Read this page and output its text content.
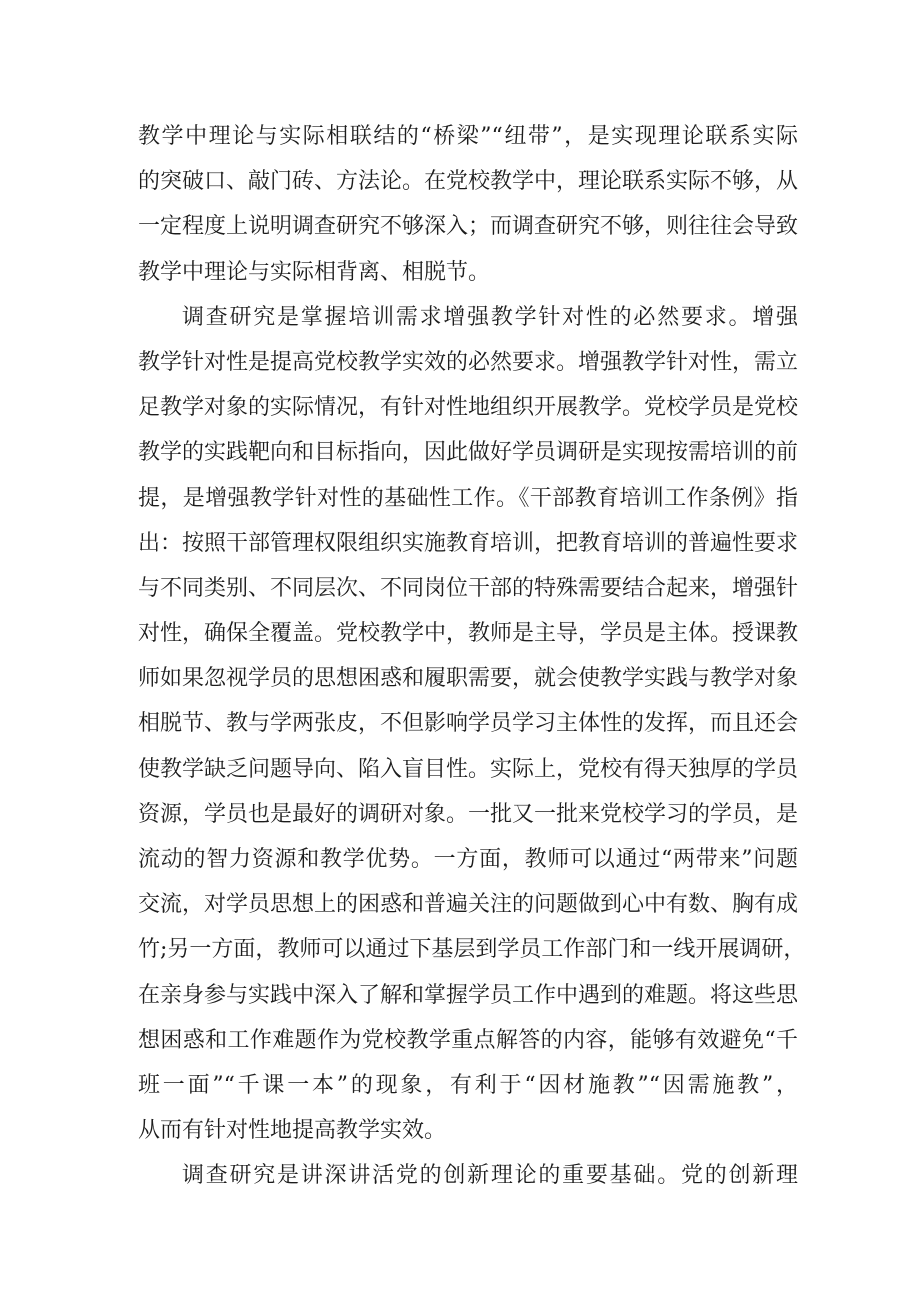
教学中理论与实际相联结的“桥梁”“纽带”，是实现理论联系实际
的突破口、敲门砖、方法论。在党校教学中，理论联系实际不够，从
一定程度上说明调查研究不够深入；而调查研究不够，则往往会导致
教学中理论与实际相背离、相脱节。
调查研究是掌握培训需求增强教学针对性的必然要求。增强
教学针对性是提高党校教学实效的必然要求。增强教学针对性，需立
足教学对象的实际情况，有针对性地组织开展教学。党校学员是党校
教学的实践靶向和目标指向，因此做好学员调研是实现按需培训的前
提，是增强教学针对性的基础性工作。《干部教育培训工作条例》指
出：按照干部管理权限组织实施教育培训，把教育培训的普遍性要求
与不同类别、不同层次、不同岗位干部的特殊需要结合起来，增强针
对性，确保全覆盖。党校教学中，教师是主导，学员是主体。授课教
师如果忽视学员的思想困惑和履职需要，就会使教学实践与教学对象
相脱节、教与学两张皮，不但影响学员学习主体性的发挥，而且还会
使教学缺乏问题导向、陷入盲目性。实际上，党校有得天独厚的学员
资源，学员也是最好的调研对象。一批又一批来党校学习的学员，是
流动的智力资源和教学优势。一方面，教师可以通过“两带来”问题
交流，对学员思想上的困惑和普遍关注的问题做到心中有数、胸有成
竹;另一方面，教师可以通过下基层到学员工作部门和一线开展调研，
在亲身参与实践中深入了解和掌握学员工作中遇到的难题。将这些思
想困惑和工作难题作为党校教学重点解答的内容，能够有效避免“千
班一面”“千课一本”的现象，有利于“因材施教”“因需施教”，
从而有针对性地提高教学实效。
调查研究是讲深讲活党的创新理论的重要基础。党的创新理
